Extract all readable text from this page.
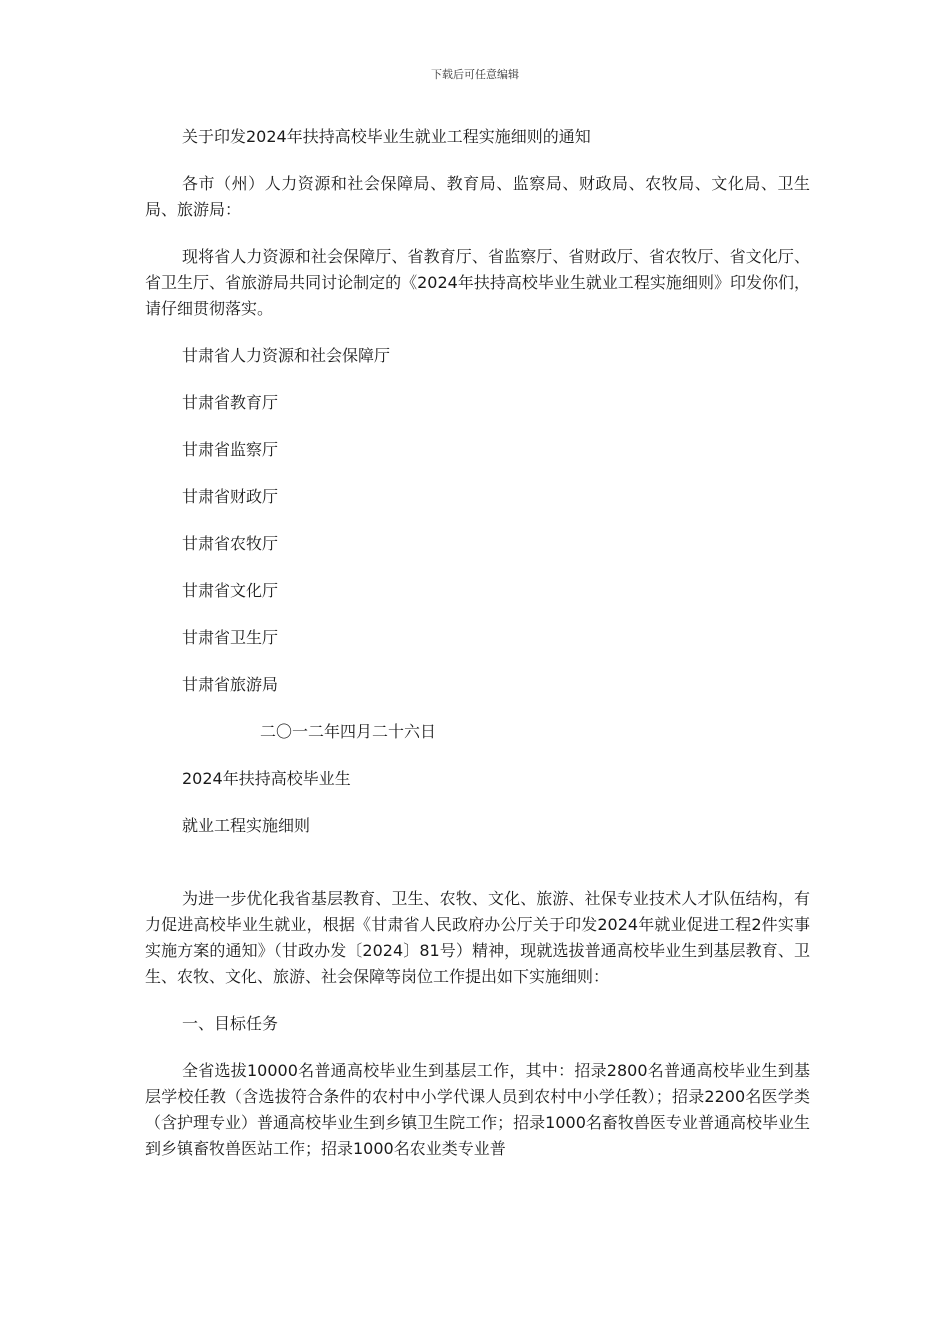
下载后可任意编辑

关于印发2024年扶持高校毕业生就业工程实施细则的通知

各市（州）人力资源和社会保障局、教育局、监察局、财政局、农牧局、文化局、卫生局、旅游局：

现将省人力资源和社会保障厅、省教育厅、省监察厅、省财政厅、省农牧厅、省文化厅、省卫生厅、省旅游局共同讨论制定的《2024年扶持高校毕业生就业工程实施细则》印发你们，请仔细贯彻落实。

甘肃省人力资源和社会保障厅

甘肃省教育厅

甘肃省监察厅

甘肃省财政厅

甘肃省农牧厅

甘肃省文化厅

甘肃省卫生厅

甘肃省旅游局

二〇一二年四月二十六日

2024年扶持高校毕业生

就业工程实施细则

为进一步优化我省基层教育、卫生、农牧、文化、旅游、社保专业技术人才队伍结构，有力促进高校毕业生就业，根据《甘肃省人民政府办公厅关于印发2024年就业促进工程2件实事实施方案的通知》（甘政办发〔2024〕81号）精神，现就选拔普通高校毕业生到基层教育、卫生、农牧、文化、旅游、社会保障等岗位工作提出如下实施细则：

一、目标任务

全省选拔10000名普通高校毕业生到基层工作，其中：招录2800名普通高校毕业生到基层学校任教（含选拔符合条件的农村中小学代课人员到农村中小学任教）；招录2200名医学类（含护理专业）普通高校毕业生到乡镇卫生院工作；招录1000名畜牧兽医专业普通高校毕业生到乡镇畜牧兽医站工作；招录1000名农业类专业普
